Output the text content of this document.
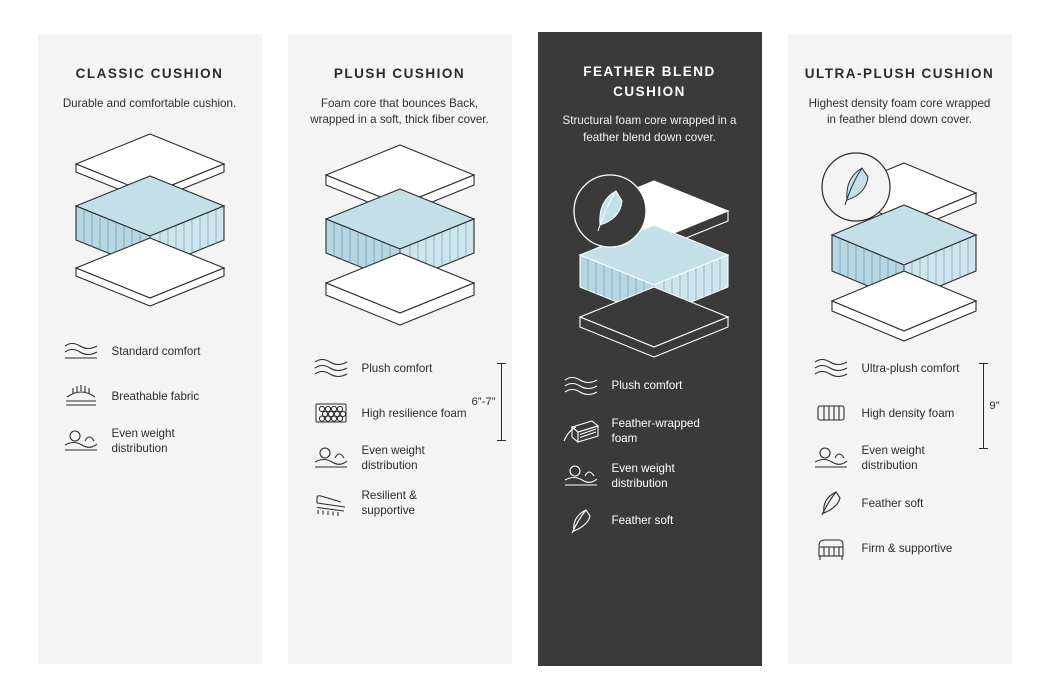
CLASSIC CUSHION
Durable and comfortable cushion.
Standard comfort
Breathable fabric
Even weight distribution
PLUSH CUSHION
Foam core that bounces Back, wrapped in a soft, thick fiber cover.
6”-7”
Plush comfort
High resilience foam
Even weight distribution
Resilient & supportive
FEATHER BLEND CUSHION
Structural foam core wrapped in a feather blend down cover.
Plush comfort
Feather-wrapped foam
Even weight distribution
Feather soft
ULTRA-PLUSH CUSHION
Highest density foam core wrapped in feather blend down cover.
9”
Ultra-plush comfort
High density foam
Even weight distribution
Feather soft
Firm & supportive
